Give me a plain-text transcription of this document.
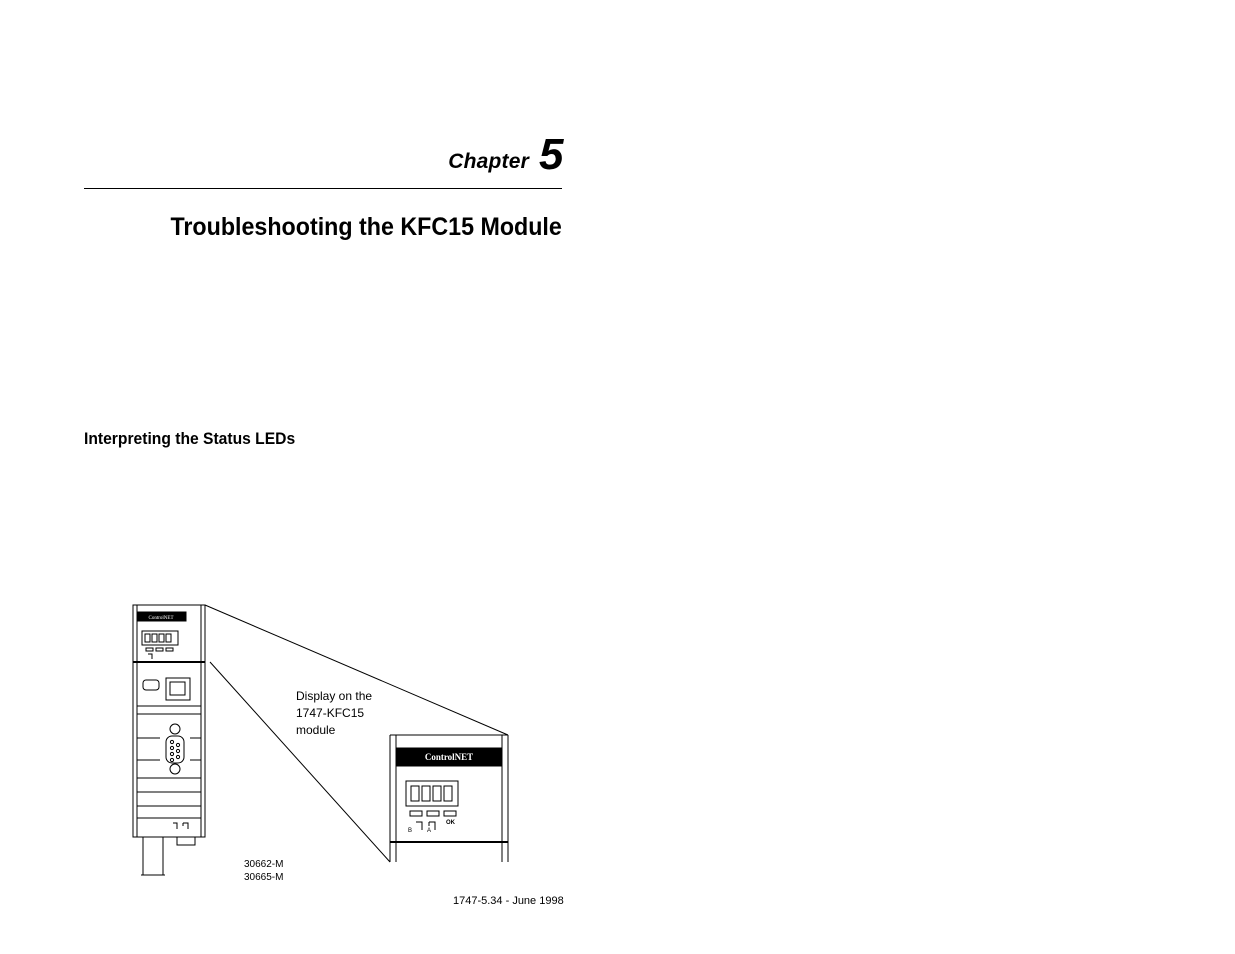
Chapter 5
Troubleshooting the KFC15 Module
Interpreting the Status LEDs
ControlNET
ControlNET
B A
OK
30662-M
30665-M
Display on the
1747-KFC15
module
1747-5.34 - June 1998
